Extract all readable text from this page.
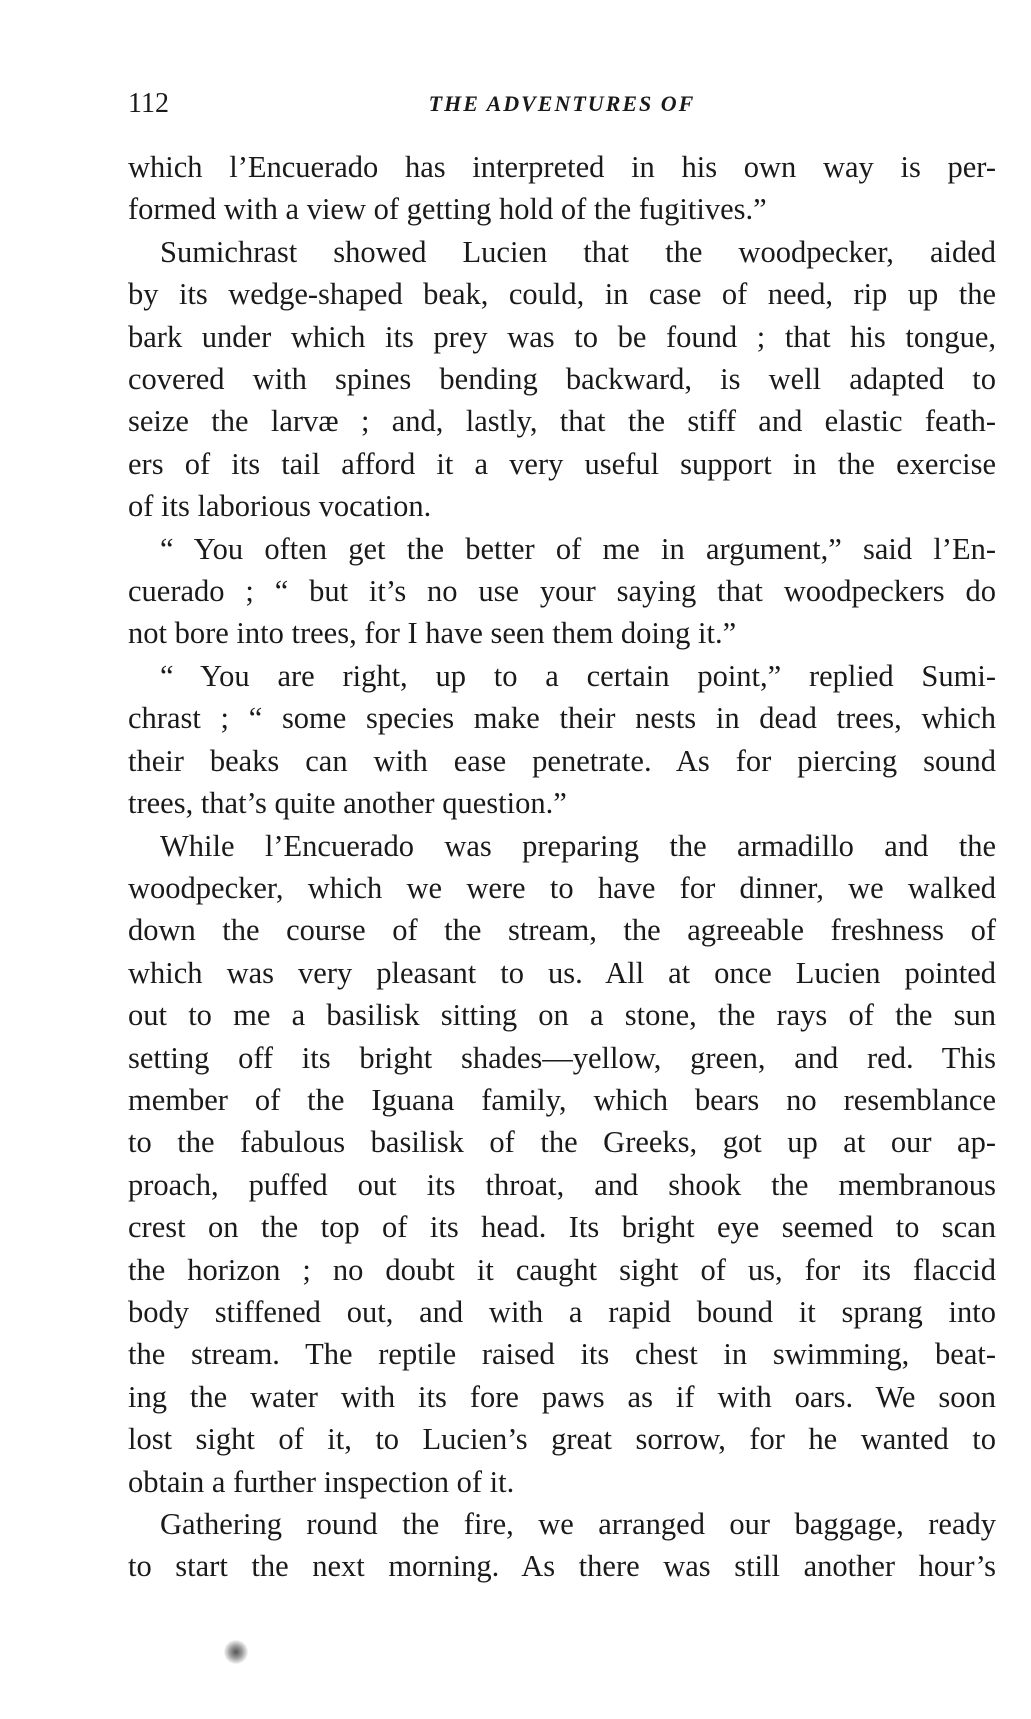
112	THE ADVENTURES OF
which l’Encuerado has interpreted in his own way is per-
formed with a view of getting hold of the fugitives.”
Sumichrast showed Lucien that the woodpecker, aided
by its wedge-shaped beak, could, in case of need, rip up the
bark under which its prey was to be found ; that his tongue,
covered with spines bending backward, is well adapted to
seize the larvæ ; and, lastly, that the stiff and elastic feath-
ers of its tail afford it a very useful support in the exercise
of its laborious vocation.
“ You often get the better of me in argument,” said l’En-
cuerado ; “ but it’s no use your saying that woodpeckers do
not bore into trees, for I have seen them doing it.”
“ You are right, up to a certain point,” replied Sumi-
chrast ; “ some species make their nests in dead trees, which
their beaks can with ease penetrate. As for piercing sound
trees, that’s quite another question.”
While l’Encuerado was preparing the armadillo and the
woodpecker, which we were to have for dinner, we walked
down the course of the stream, the agreeable freshness of
which was very pleasant to us. All at once Lucien pointed
out to me a basilisk sitting on a stone, the rays of the sun
setting off its bright shades—yellow, green, and red. This
member of the Iguana family, which bears no resemblance
to the fabulous basilisk of the Greeks, got up at our ap-
proach, puffed out its throat, and shook the membranous
crest on the top of its head. Its bright eye seemed to scan
the horizon ; no doubt it caught sight of us, for its flaccid
body stiffened out, and with a rapid bound it sprang into
the stream. The reptile raised its chest in swimming, beat-
ing the water with its fore paws as if with oars. We soon
lost sight of it, to Lucien’s great sorrow, for he wanted to
obtain a further inspection of it.
Gathering round the fire, we arranged our baggage, ready
to start the next morning. As there was still another hour’s
